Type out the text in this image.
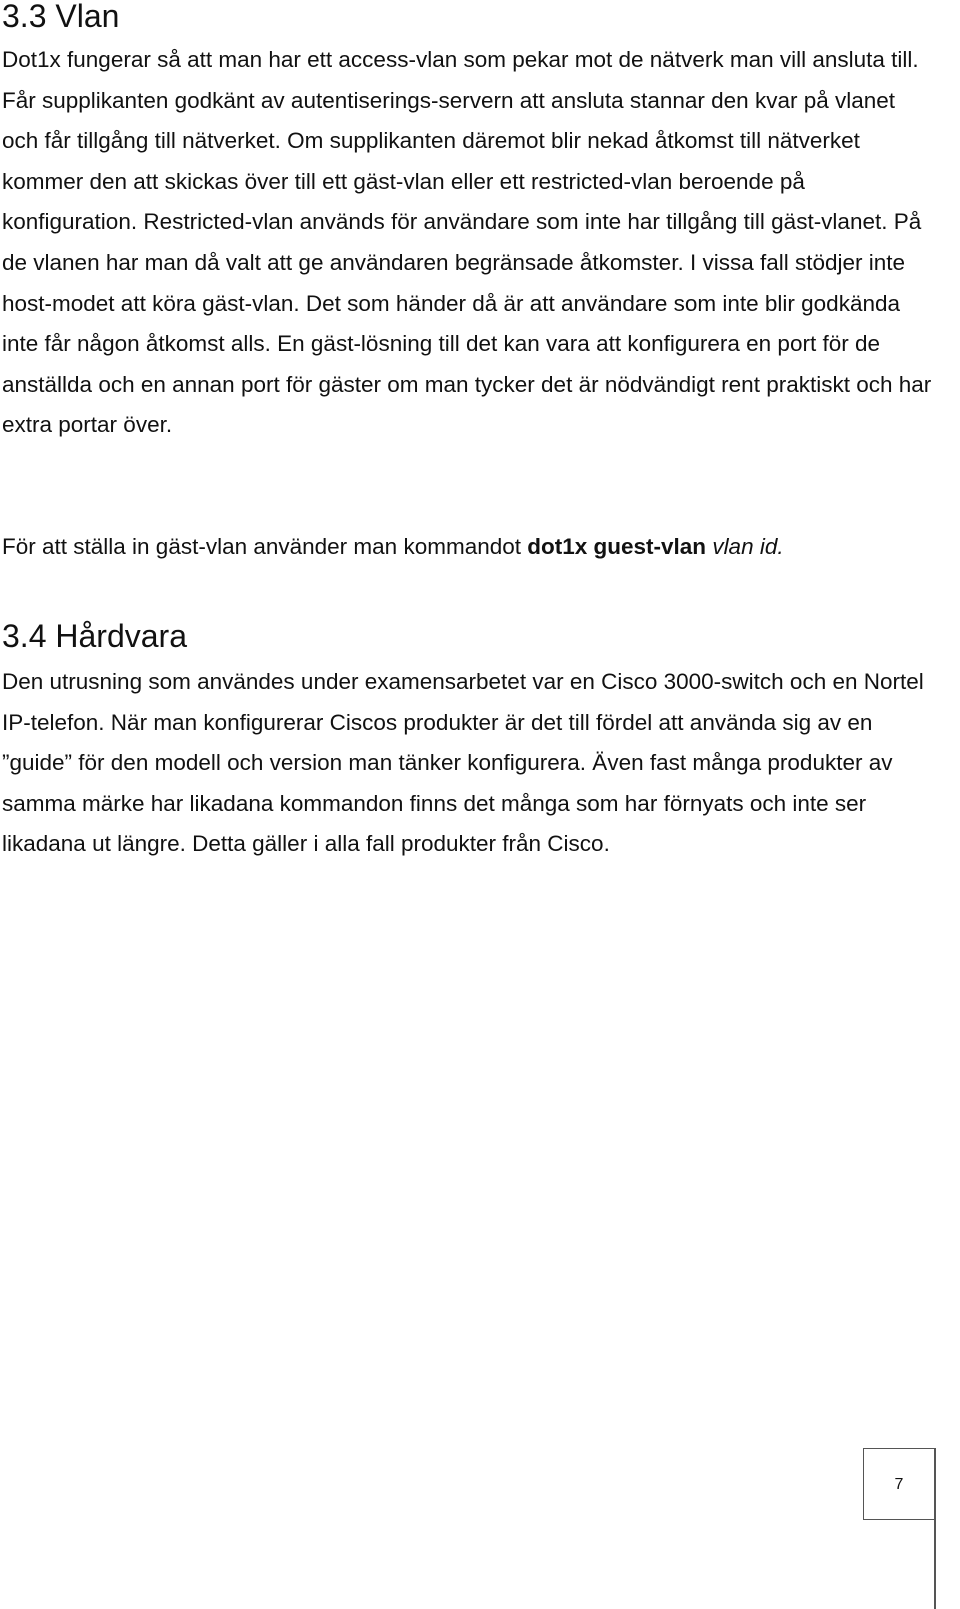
3.3 Vlan

Dot1x fungerar så att man har ett access-vlan som pekar mot de nätverk man vill ansluta till. Får supplikanten godkänt av autentiserings-servern att ansluta stannar den kvar på vlanet och får tillgång till nätverket. Om supplikanten däremot blir nekad åtkomst till nätverket kommer den att skickas över till ett gäst-vlan eller ett restricted-vlan beroende på konfiguration. Restricted-vlan används för användare som inte har tillgång till gäst-vlanet. På de vlanen har man då valt att ge användaren begränsade åtkomster. I vissa fall stödjer inte host-modet att köra gäst-vlan. Det som händer då är att användare som inte blir godkända inte får någon åtkomst alls. En gäst-lösning till det kan vara att konfigurera en port för de anställda och en annan port för gäster om man tycker det är nödvändigt rent praktiskt och har extra portar över.

För att ställa in gäst-vlan använder man kommandot dot1x guest-vlan vlan id.

3.4 Hårdvara

Den utrusning som användes under examensarbetet var en Cisco 3000-switch och en Nortel IP-telefon. När man konfigurerar Ciscos produkter är det till fördel att använda sig av en ”guide” för den modell och version man tänker konfigurera. Även fast många produkter av samma märke har likadana kommandon finns det många som har förnyats och inte ser likadana ut längre. Detta gäller i alla fall produkter från Cisco.

7
